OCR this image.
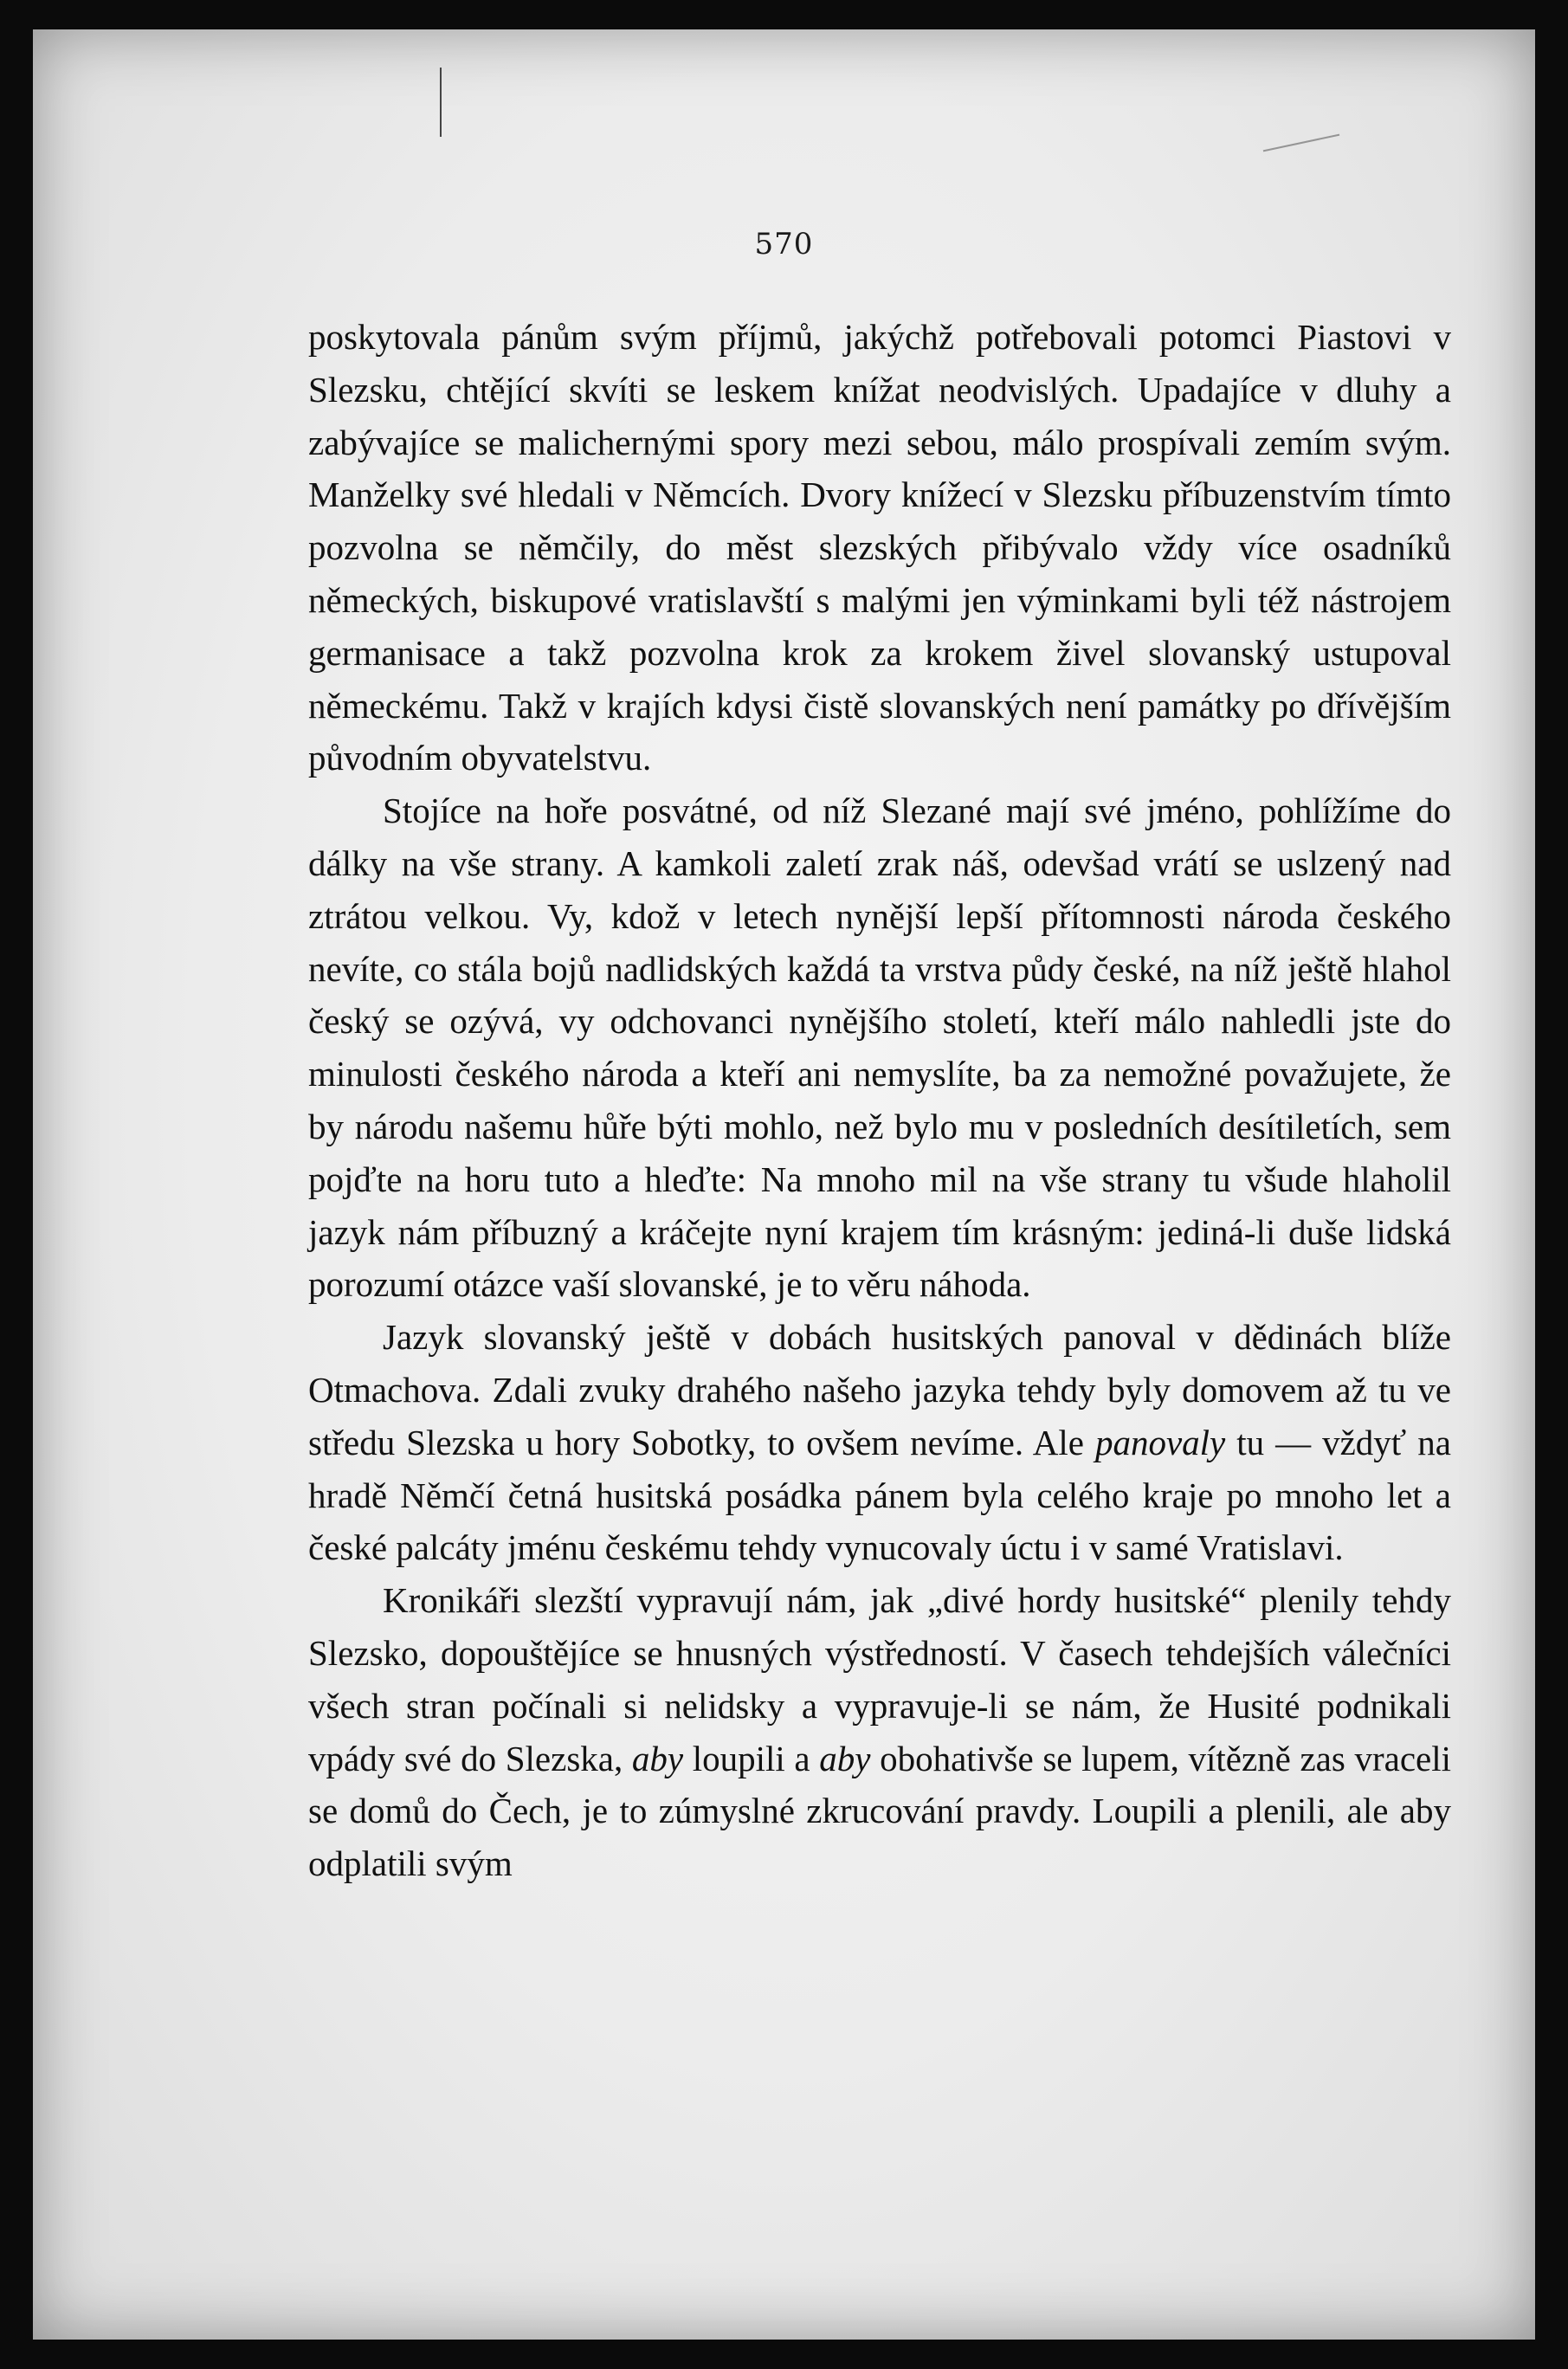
570

poskytovala pánům svým příjmů, jakýchž potřebovali potomci Piastovi v Slezsku, chtějící skvíti se leskem knížat neodvislých. Upadajíce v dluhy a zabývajíce se malichernými spory mezi sebou, málo prospívali zemím svým. Manželky své hledali v Němcích. Dvory knížecí v Slezsku příbuzenstvím tímto pozvolna se němčily, do měst slezských přibývalo vždy více osadníků německých, biskupové vratislavští s malými jen výminkami byli též nástrojem germanisace a takž pozvolna krok za krokem živel slovanský ustupoval německému. Takž v krajích kdysi čistě slovanských není památky po dřívějším původním obyvatelstvu.

Stojíce na hoře posvátné, od níž Slezané mají své jméno, pohlížíme do dálky na vše strany. A kamkoli zaletí zrak náš, odevšad vrátí se uslzený nad ztrátou velkou. Vy, kdož v letech nynější lepší přítomnosti národa českého nevíte, co stála bojů nadlidských každá ta vrstva půdy české, na níž ještě hlahol český se ozývá, vy odchovanci nynějšího století, kteří málo nahledli jste do minulosti českého národa a kteří ani nemyslíte, ba za nemožné považujete, že by národu našemu hůře býti mohlo, než bylo mu v posledních desítiletích, sem pojďte na horu tuto a hleďte: Na mnoho mil na vše strany tu všude hlaholil jazyk nám příbuzný a kráčejte nyní krajem tím krásným: jediná-li duše lidská porozumí otázce vaší slovanské, je to věru náhoda.

Jazyk slovanský ještě v dobách husitských panoval v dědinách blíže Otmachova. Zdali zvuky drahého našeho jazyka tehdy byly domovem až tu ve středu Slezska u hory Sobotky, to ovšem nevíme. Ale panovaly tu — vždyť na hradě Němčí četná husitská posádka pánem byla celého kraje po mnoho let a české palcáty jménu českému tehdy vynucovaly úctu i v samé Vratislavi.

Kronikáři slezští vypravují nám, jak „divé hordy husitské“ plenily tehdy Slezsko, dopouštějíce se hnusných výstředností. V časech tehdejších válečníci všech stran počínali si nelidsky a vypravuje-li se nám, že Husité podnikali vpády své do Slezska, aby loupili a aby obohativše se lupem, vítězně zas vraceli se domů do Čech, je to zúmyslné zkrucování pravdy. Loupili a plenili, ale aby odplatili svým
